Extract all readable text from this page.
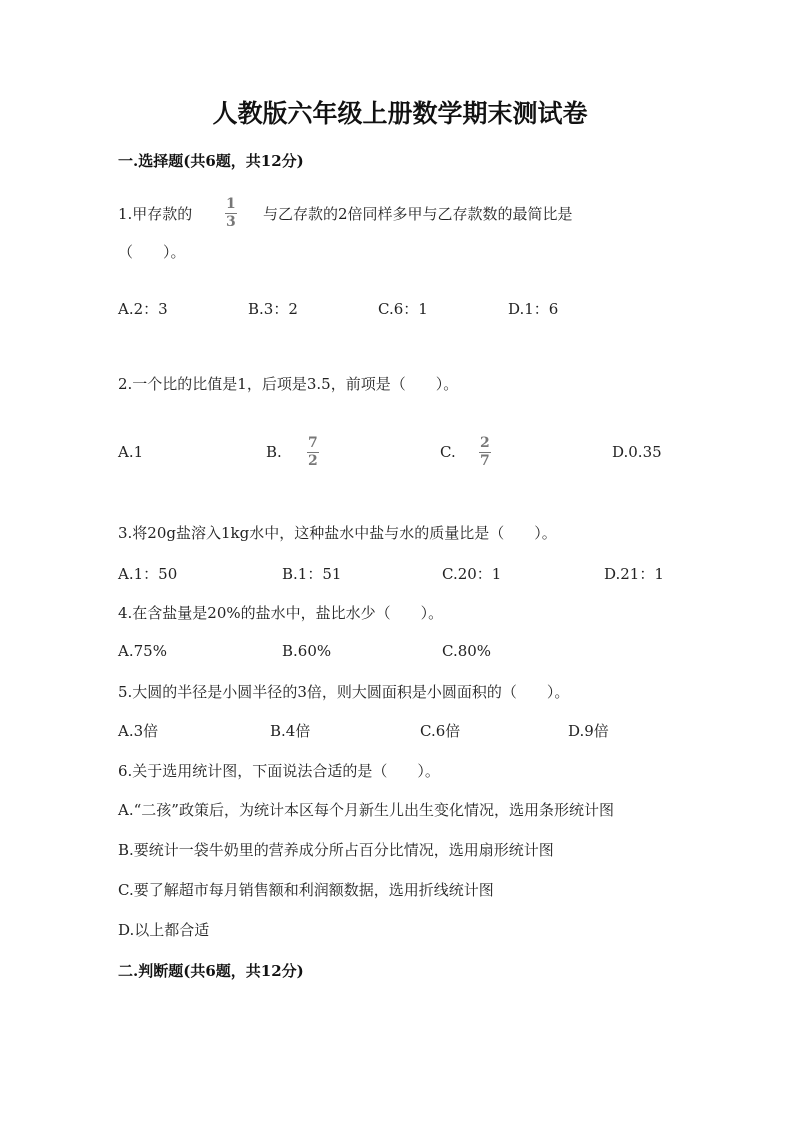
人教版六年级上册数学期末测试卷
一.选择题(共6题，共12分)
1.甲存款的
1
3 与乙存款的2倍同样多甲与乙存款数的最简比是
（　　）。
A.2：3	B.3：2	C.6：1	D.1：6
2.一个比的比值是1，后项是3.5，前项是（　　）。
A.1	B. 7
2	C. 2
7	D.0.35
3.将20g盐溶入1kg水中，这种盐水中盐与水的质量比是（　　）。
A.1：50	B.1：51	C.20：1	D.21：1
4.在含盐量是20%的盐水中，盐比水少（　　）。
A.75%	B.60%	C.80%
5.大圆的半径是小圆半径的3倍，则大圆面积是小圆面积的（　　）。
A.3倍	B.4倍	C.6倍	D.9倍
6.关于选用统计图，下面说法合适的是（　　）。
A.“二孩”政策后，为统计本区每个月新生儿出生变化情况，选用条形统计图
B.要统计一袋牛奶里的营养成分所占百分比情况，选用扇形统计图
C.要了解超市每月销售额和利润额数据，选用折线统计图
D.以上都合适
二.判断题(共6题，共12分)
